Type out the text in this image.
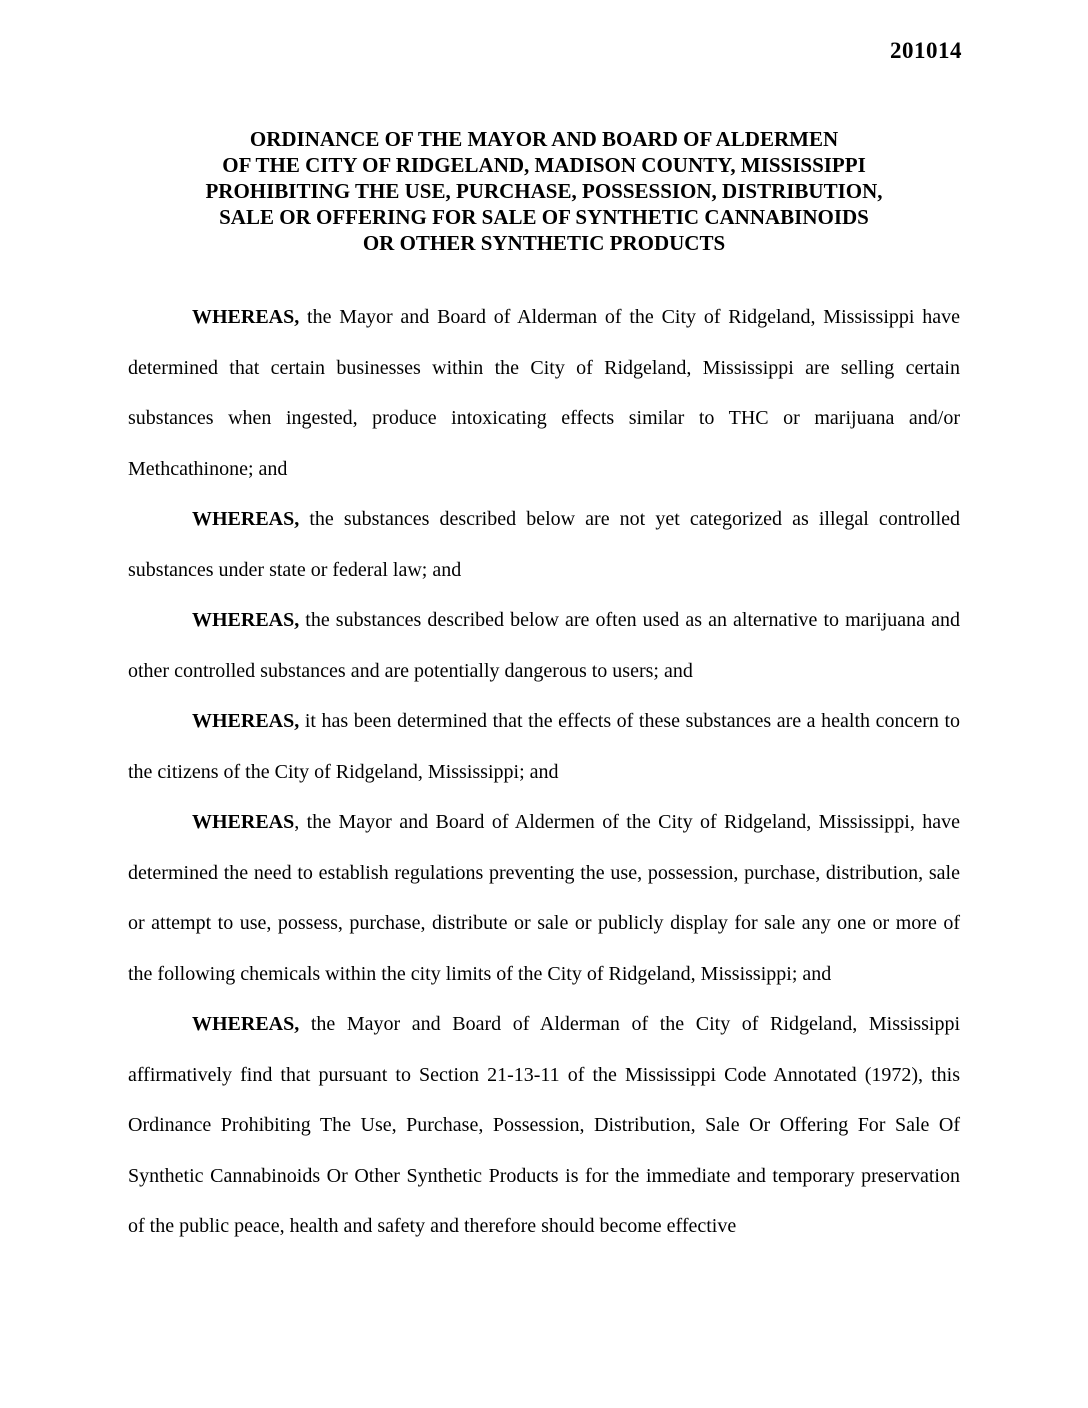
201014
ORDINANCE OF THE MAYOR AND BOARD OF ALDERMEN
OF THE CITY OF RIDGELAND, MADISON COUNTY, MISSISSIPPI
PROHIBITING THE USE, PURCHASE, POSSESSION, DISTRIBUTION,
SALE OR OFFERING FOR SALE OF SYNTHETIC CANNABINOIDS
OR OTHER SYNTHETIC PRODUCTS

WHEREAS, the Mayor and Board of Alderman of the City of Ridgeland, Mississippi have determined that certain businesses within the City of Ridgeland, Mississippi are selling certain substances when ingested, produce intoxicating effects similar to THC or marijuana and/or Methcathinone; and

WHEREAS, the substances described below are not yet categorized as illegal controlled substances under state or federal law; and

WHEREAS, the substances described below are often used as an alternative to marijuana and other controlled substances and are potentially dangerous to users; and

WHEREAS, it has been determined that the effects of these substances are a health concern to the citizens of the City of Ridgeland, Mississippi; and

WHEREAS, the Mayor and Board of Aldermen of the City of Ridgeland, Mississippi, have determined the need to establish regulations preventing the use, possession, purchase, distribution, sale or attempt to use, possess, purchase, distribute or sale or publicly display for sale any one or more of the following chemicals within the city limits of the City of Ridgeland, Mississippi; and

WHEREAS, the Mayor and Board of Alderman of the City of Ridgeland, Mississippi affirmatively find that pursuant to Section 21-13-11 of the Mississippi Code Annotated (1972), this Ordinance Prohibiting The Use, Purchase, Possession, Distribution, Sale Or Offering For Sale Of Synthetic Cannabinoids Or Other Synthetic Products is for the immediate and temporary preservation of the public peace, health and safety and therefore should become effective
